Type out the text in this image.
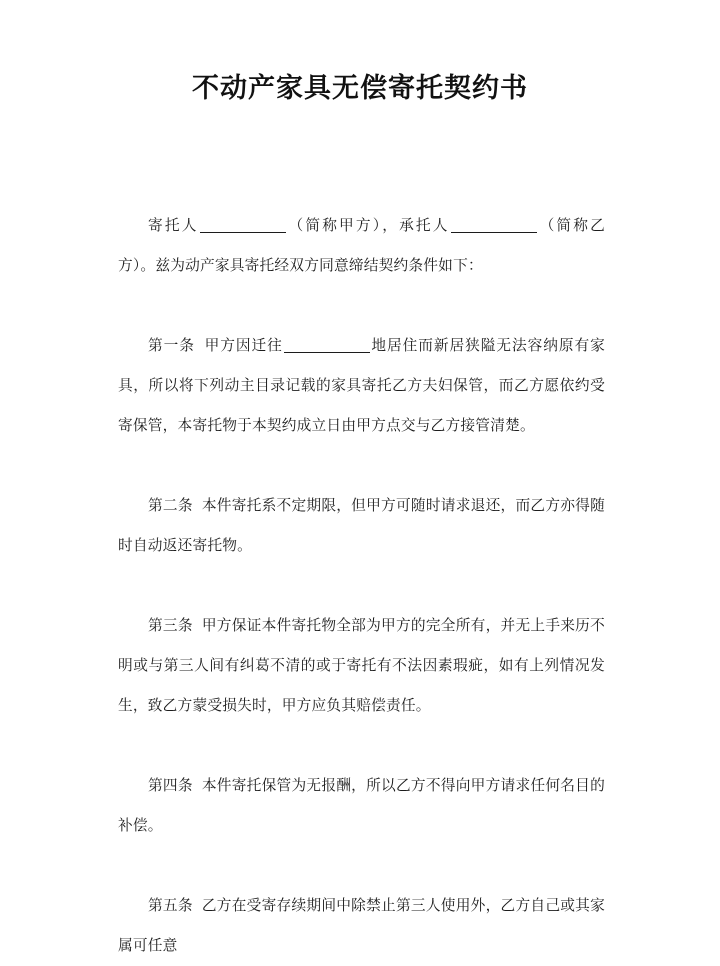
不动产家具无偿寄托契约书

寄托人	（简称甲方），承托人	（简称乙方）。兹为动产家具寄托经双方同意缔结契约条件如下：

第一条 甲方因迁往	地居住而新居狭隘无法容纳原有家具，所以将下列动主目录记载的家具寄托乙方夫妇保管，而乙方愿依约受寄保管，本寄托物于本契约成立日由甲方点交与乙方接管清楚。

第二条 本件寄托系不定期限，但甲方可随时请求退还，而乙方亦得随时自动返还寄托物。

第三条 甲方保证本件寄托物全部为甲方的完全所有，并无上手来历不明或与第三人间有纠葛不清的或于寄托有不法因素瑕疵，如有上列情况发生，致乙方蒙受损失时，甲方应负其赔偿责任。

第四条 本件寄托保管为无报酬，所以乙方不得向甲方请求任何名目的补偿。

第五条 乙方在受寄存续期间中除禁止第三人使用外，乙方自己或其家属可任意
